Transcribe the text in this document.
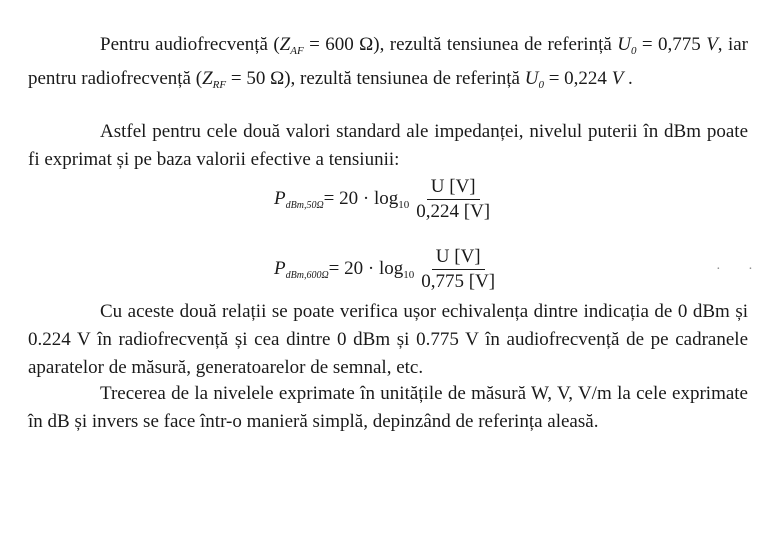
Pentru audiofrecvență ($Z_{AF} = 600$ Ω), rezultă tensiunea de referință $U_0 = 0,775$ V, iar pentru radiofrecvență ($Z_{RF} = 50$ Ω), rezultă tensiunea de referință $U_0 = 0,224$ V .
Astfel pentru cele două valori standard ale impedanței, nivelul puterii în dBm poate fi exprimat și pe baza valorii efective a tensiunii:
$P_{dBm,50\Omega} = 20 \cdot \log_{10} \frac{U [V]}{0,224 [V]}$
$P_{dBm,600\Omega} = 20 \cdot \log_{10} \frac{U [V]}{0,775 [V]}$	· ·
Cu aceste două relații se poate verifica ușor echivalența dintre indicația de 0 dBm și 0.224 V în radiofrecvență și cea dintre 0 dBm și 0.775 V în audiofrecvență de pe cadranele aparatelor de măsură, generatoarelor de semnal, etc.
Trecerea de la nivelele exprimate în unitățile de măsură W, V, V/m la cele exprimate în dB și invers se face într-o manieră simplă, depinzând de referința aleasă.
